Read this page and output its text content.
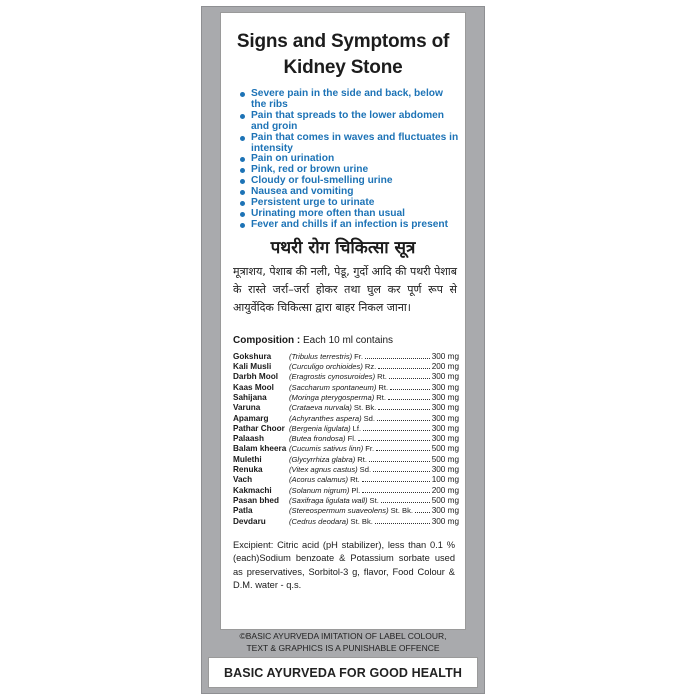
Signs and Symptoms of
Kidney Stone
Severe pain in the side and back, below the ribs
Pain that spreads to the lower abdomen and groin
Pain that comes in waves and fluctuates in intensity
Pain on urination
Pink, red or brown urine
Cloudy or foul-smelling urine
Nausea and vomiting
Persistent urge to urinate
Urinating more often than usual
Fever and chills if an infection is present
पथरी रोग चिकित्सा सूत्र
मूत्राशय, पेशाब की नली, पेडू, गुर्दो आदि की पथरी पेशाब के रास्ते जर्रा–जर्रा होकर तथा घुल कर पूर्ण रूप से आयुर्वेदिक चिकित्सा द्वारा बाहर निकल जाना।
Composition : Each 10 ml contains
Gokshura	(Tribulus terrestris) Fr.	300 mg
Kali Musli	(Curculigo orchioides) Rz.	200 mg
Darbh Mool	(Eragrostis cynosuroides) Rt.	300 mg
Kaas Mool	(Saccharum spontaneum) Rt.	300 mg
Sahijana	(Moringa pterygosperma) Rt.	300 mg
Varuna	(Crataeva nurvala) St. Bk.	300 mg
Apamarg	(Achyranthes aspera) Sd.	300 mg
Pathar Choor (Bergenia ligulata) Lf.	300 mg
Palaash	(Butea frondosa) Fl.	300 mg
Balam kheera (Cucumis sativus linn) Fr.	500 mg
Mulethi	(Glycyrrhiza glabra) Rt.	500 mg
Renuka	(Vitex agnus castus) Sd.	300 mg
Vach	(Acorus calamus) Rt.	100 mg
Kakmachi	(Solanum nigrum) Pl.	200 mg
Pasan bhed	(Saxifraga ligulata wall) St.	500 mg
Patla	(Stereospermum suaveolens) St. Bk. 300 mg
Devdaru	(Cedrus deodara) St. Bk.	300 mg
Excipient: Citric acid (pH stabilizer), less than 0.1 % (each)Sodium benzoate & Potassium sorbate used as preservatives, Sorbitol-3 g, flavor, Food Colour & D.M. water - q.s.
©BASIC AYURVEDA IMITATION OF LABEL COLOUR,
TEXT & GRAPHICS IS A PUNISHABLE OFFENCE
BASIC AYURVEDA FOR GOOD HEALTH
